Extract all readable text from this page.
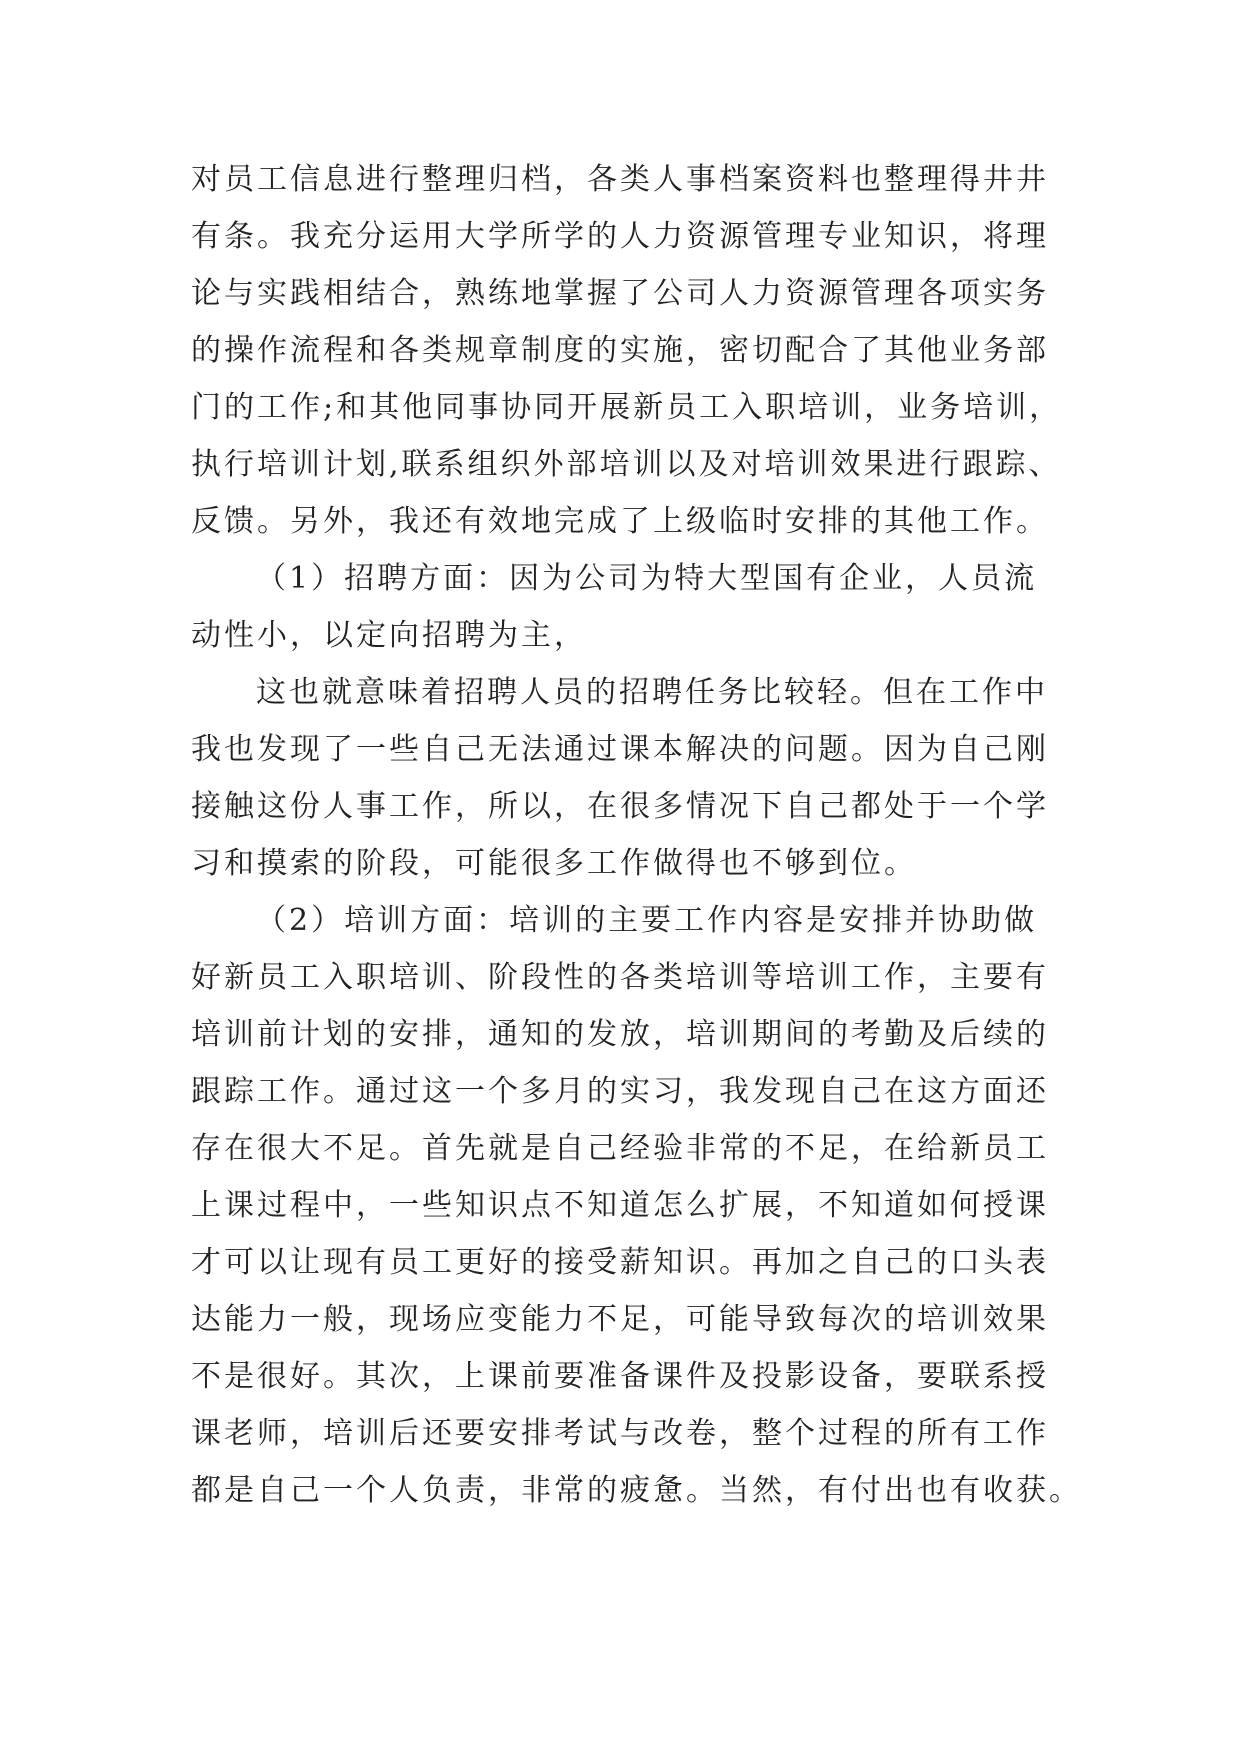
对员工信息进行整理归档，各类人事档案资料也整理得井井
有条。我充分运用大学所学的人力资源管理专业知识，将理
论与实践相结合，熟练地掌握了公司人力资源管理各项实务
的操作流程和各类规章制度的实施，密切配合了其他业务部
门的工作;和其他同事协同开展新员工入职培训，业务培训，
执行培训计划,联系组织外部培训以及对培训效果进行跟踪、
反馈。另外，我还有效地完成了上级临时安排的其他工作。
（1）招聘方面：因为公司为特大型国有企业，人员流
动性小，以定向招聘为主，
这也就意味着招聘人员的招聘任务比较轻。但在工作中
我也发现了一些自己无法通过课本解决的问题。因为自己刚
接触这份人事工作，所以，在很多情况下自己都处于一个学
习和摸索的阶段，可能很多工作做得也不够到位。
（2）培训方面：培训的主要工作内容是安排并协助做
好新员工入职培训、阶段性的各类培训等培训工作，主要有
培训前计划的安排，通知的发放，培训期间的考勤及后续的
跟踪工作。通过这一个多月的实习，我发现自己在这方面还
存在很大不足。首先就是自己经验非常的不足，在给新员工
上课过程中，一些知识点不知道怎么扩展，不知道如何授课
才可以让现有员工更好的接受薪知识。再加之自己的口头表
达能力一般，现场应变能力不足，可能导致每次的培训效果
不是很好。其次，上课前要准备课件及投影设备，要联系授
课老师，培训后还要安排考试与改卷，整个过程的所有工作
都是自己一个人负责，非常的疲惫。当然，有付出也有收获。
